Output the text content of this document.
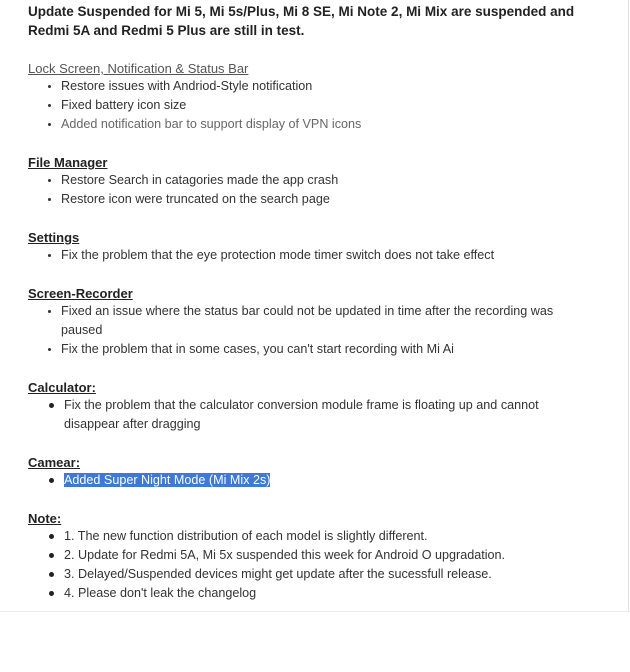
Update Suspended for Mi 5, Mi 5s/Plus, Mi 8 SE, Mi Note 2, Mi Mix are suspended and Redmi 5A and Redmi 5 Plus are still in test.

Lock Screen, Notification & Status Bar
Restore issues with Andriod-Style notification
Fixed battery icon size
Added notification bar to support display of VPN icons
File Manager
Restore Search in catagories made the app crash
Restore icon were truncated on the search page
Settings
Fix the problem that the eye protection mode timer switch does not take effect
Screen-Recorder
Fixed an issue where the status bar could not be updated in time after the recording was paused
Fix the problem that in some cases, you can't start recording with Mi Ai
Calculator:
Fix the problem that the calculator conversion module frame is floating up and cannot disappear after dragging
Camear:
Added Super Night Mode (Mi Mix 2s)
Note:
1. The new function distribution of each model is slightly different.
2. Update for Redmi 5A, Mi 5x suspended this week for Android O upgradation.
3. Delayed/Suspended devices might get update after the sucessfull release.
4. Please don't leak the changelog
